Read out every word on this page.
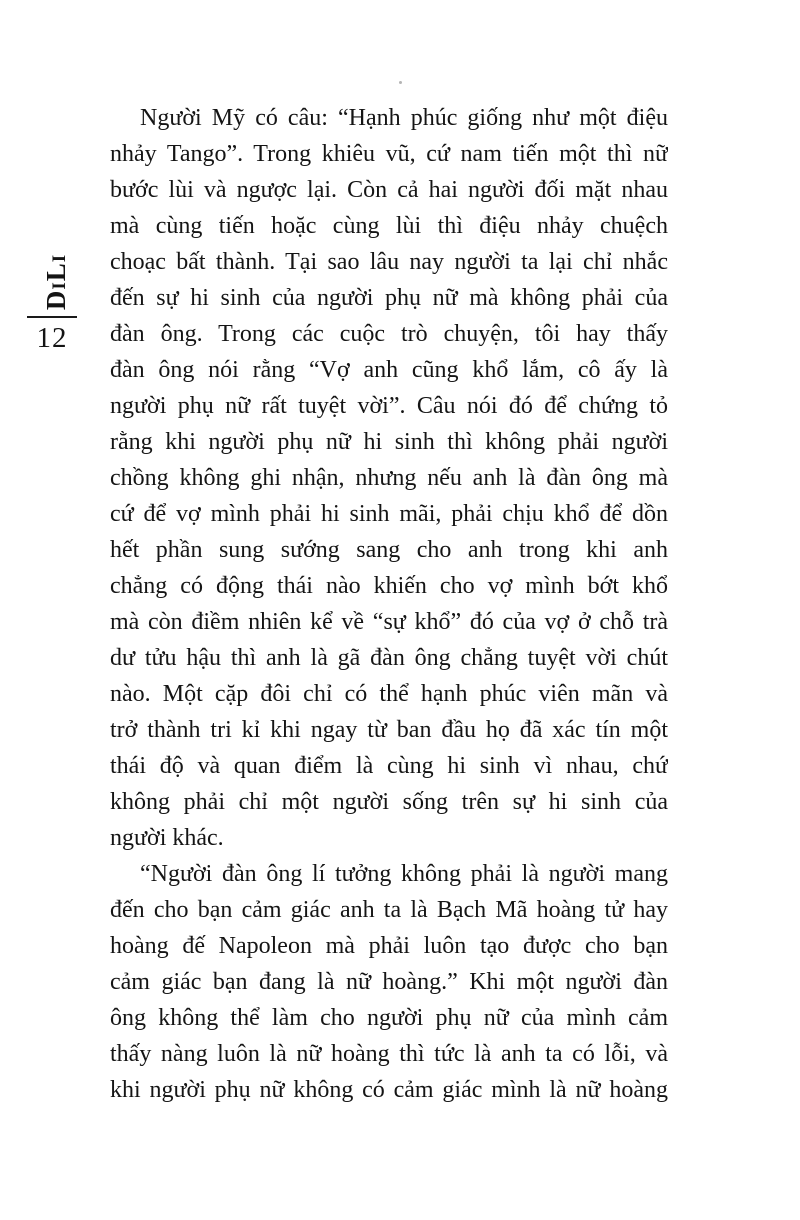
DiLi
12
Người Mỹ có câu: “Hạnh phúc giống như một điệu
nhảy Tango”. Trong khiêu vũ, cứ nam tiến một thì nữ
bước lùi và ngược lại. Còn cả hai người đối mặt nhau
mà cùng tiến hoặc cùng lùi thì điệu nhảy chuệch
choạc bất thành. Tại sao lâu nay người ta lại chỉ nhắc
đến sự hi sinh của người phụ nữ mà không phải của
đàn ông. Trong các cuộc trò chuyện, tôi hay thấy
đàn ông nói rằng “Vợ anh cũng khổ lắm, cô ấy là
người phụ nữ rất tuyệt vời”. Câu nói đó để chứng tỏ
rằng khi người phụ nữ hi sinh thì không phải người
chồng không ghi nhận, nhưng nếu anh là đàn ông mà
cứ để vợ mình phải hi sinh mãi, phải chịu khổ để dồn
hết phần sung sướng sang cho anh trong khi anh
chẳng có động thái nào khiến cho vợ mình bớt khổ
mà còn điềm nhiên kể về “sự khổ” đó của vợ ở chỗ trà
dư tửu hậu thì anh là gã đàn ông chẳng tuyệt vời chút
nào. Một cặp đôi chỉ có thể hạnh phúc viên mãn và
trở thành tri kỉ khi ngay từ ban đầu họ đã xác tín một
thái độ và quan điểm là cùng hi sinh vì nhau, chứ
không phải chỉ một người sống trên sự hi sinh của
người khác.
“Người đàn ông lí tưởng không phải là người mang
đến cho bạn cảm giác anh ta là Bạch Mã hoàng tử hay
hoàng đế Napoleon mà phải luôn tạo được cho bạn
cảm giác bạn đang là nữ hoàng.” Khi một người đàn
ông không thể làm cho người phụ nữ của mình cảm
thấy nàng luôn là nữ hoàng thì tức là anh ta có lỗi, và
khi người phụ nữ không có cảm giác mình là nữ hoàng
